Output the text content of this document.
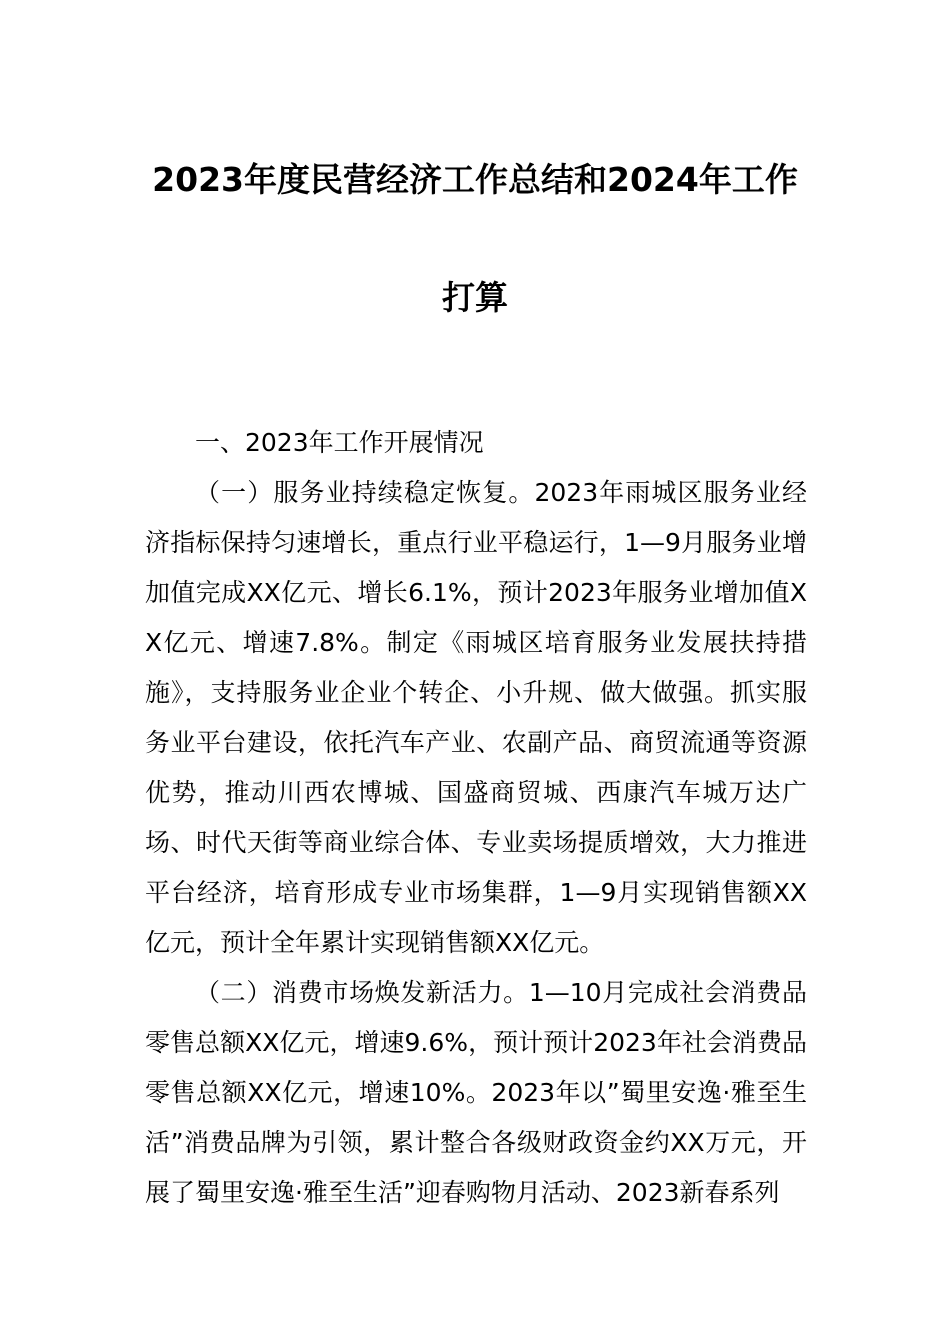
2023年度民营经济工作总结和2024年工作
打算

一、2023年工作开展情况

（一）服务业持续稳定恢复。2023年雨城区服务业经济指标保持匀速增长，重点行业平稳运行，1—9月服务业增加值完成XX亿元、增长6.1%，预计2023年服务业增加值XX亿元、增速7.8%。制定《雨城区培育服务业发展扶持措施》，支持服务业企业个转企、小升规、做大做强。抓实服务业平台建设，依托汽车产业、农副产品、商贸流通等资源优势，推动川西农博城、国盛商贸城、西康汽车城万达广场、时代天街等商业综合体、专业卖场提质增效，大力推进平台经济，培育形成专业市场集群，1—9月实现销售额XX亿元，预计全年累计实现销售额XX亿元。

（二）消费市场焕发新活力。1—10月完成社会消费品零售总额XX亿元，增速9.6%，预计预计2023年社会消费品零售总额XX亿元，增速10%。2023年以”蜀里安逸·雅至生活”消费品牌为引领，累计整合各级财政资金约XX万元，开展了蜀里安逸·雅至生活”迎春购物月活动、2023新春系列
